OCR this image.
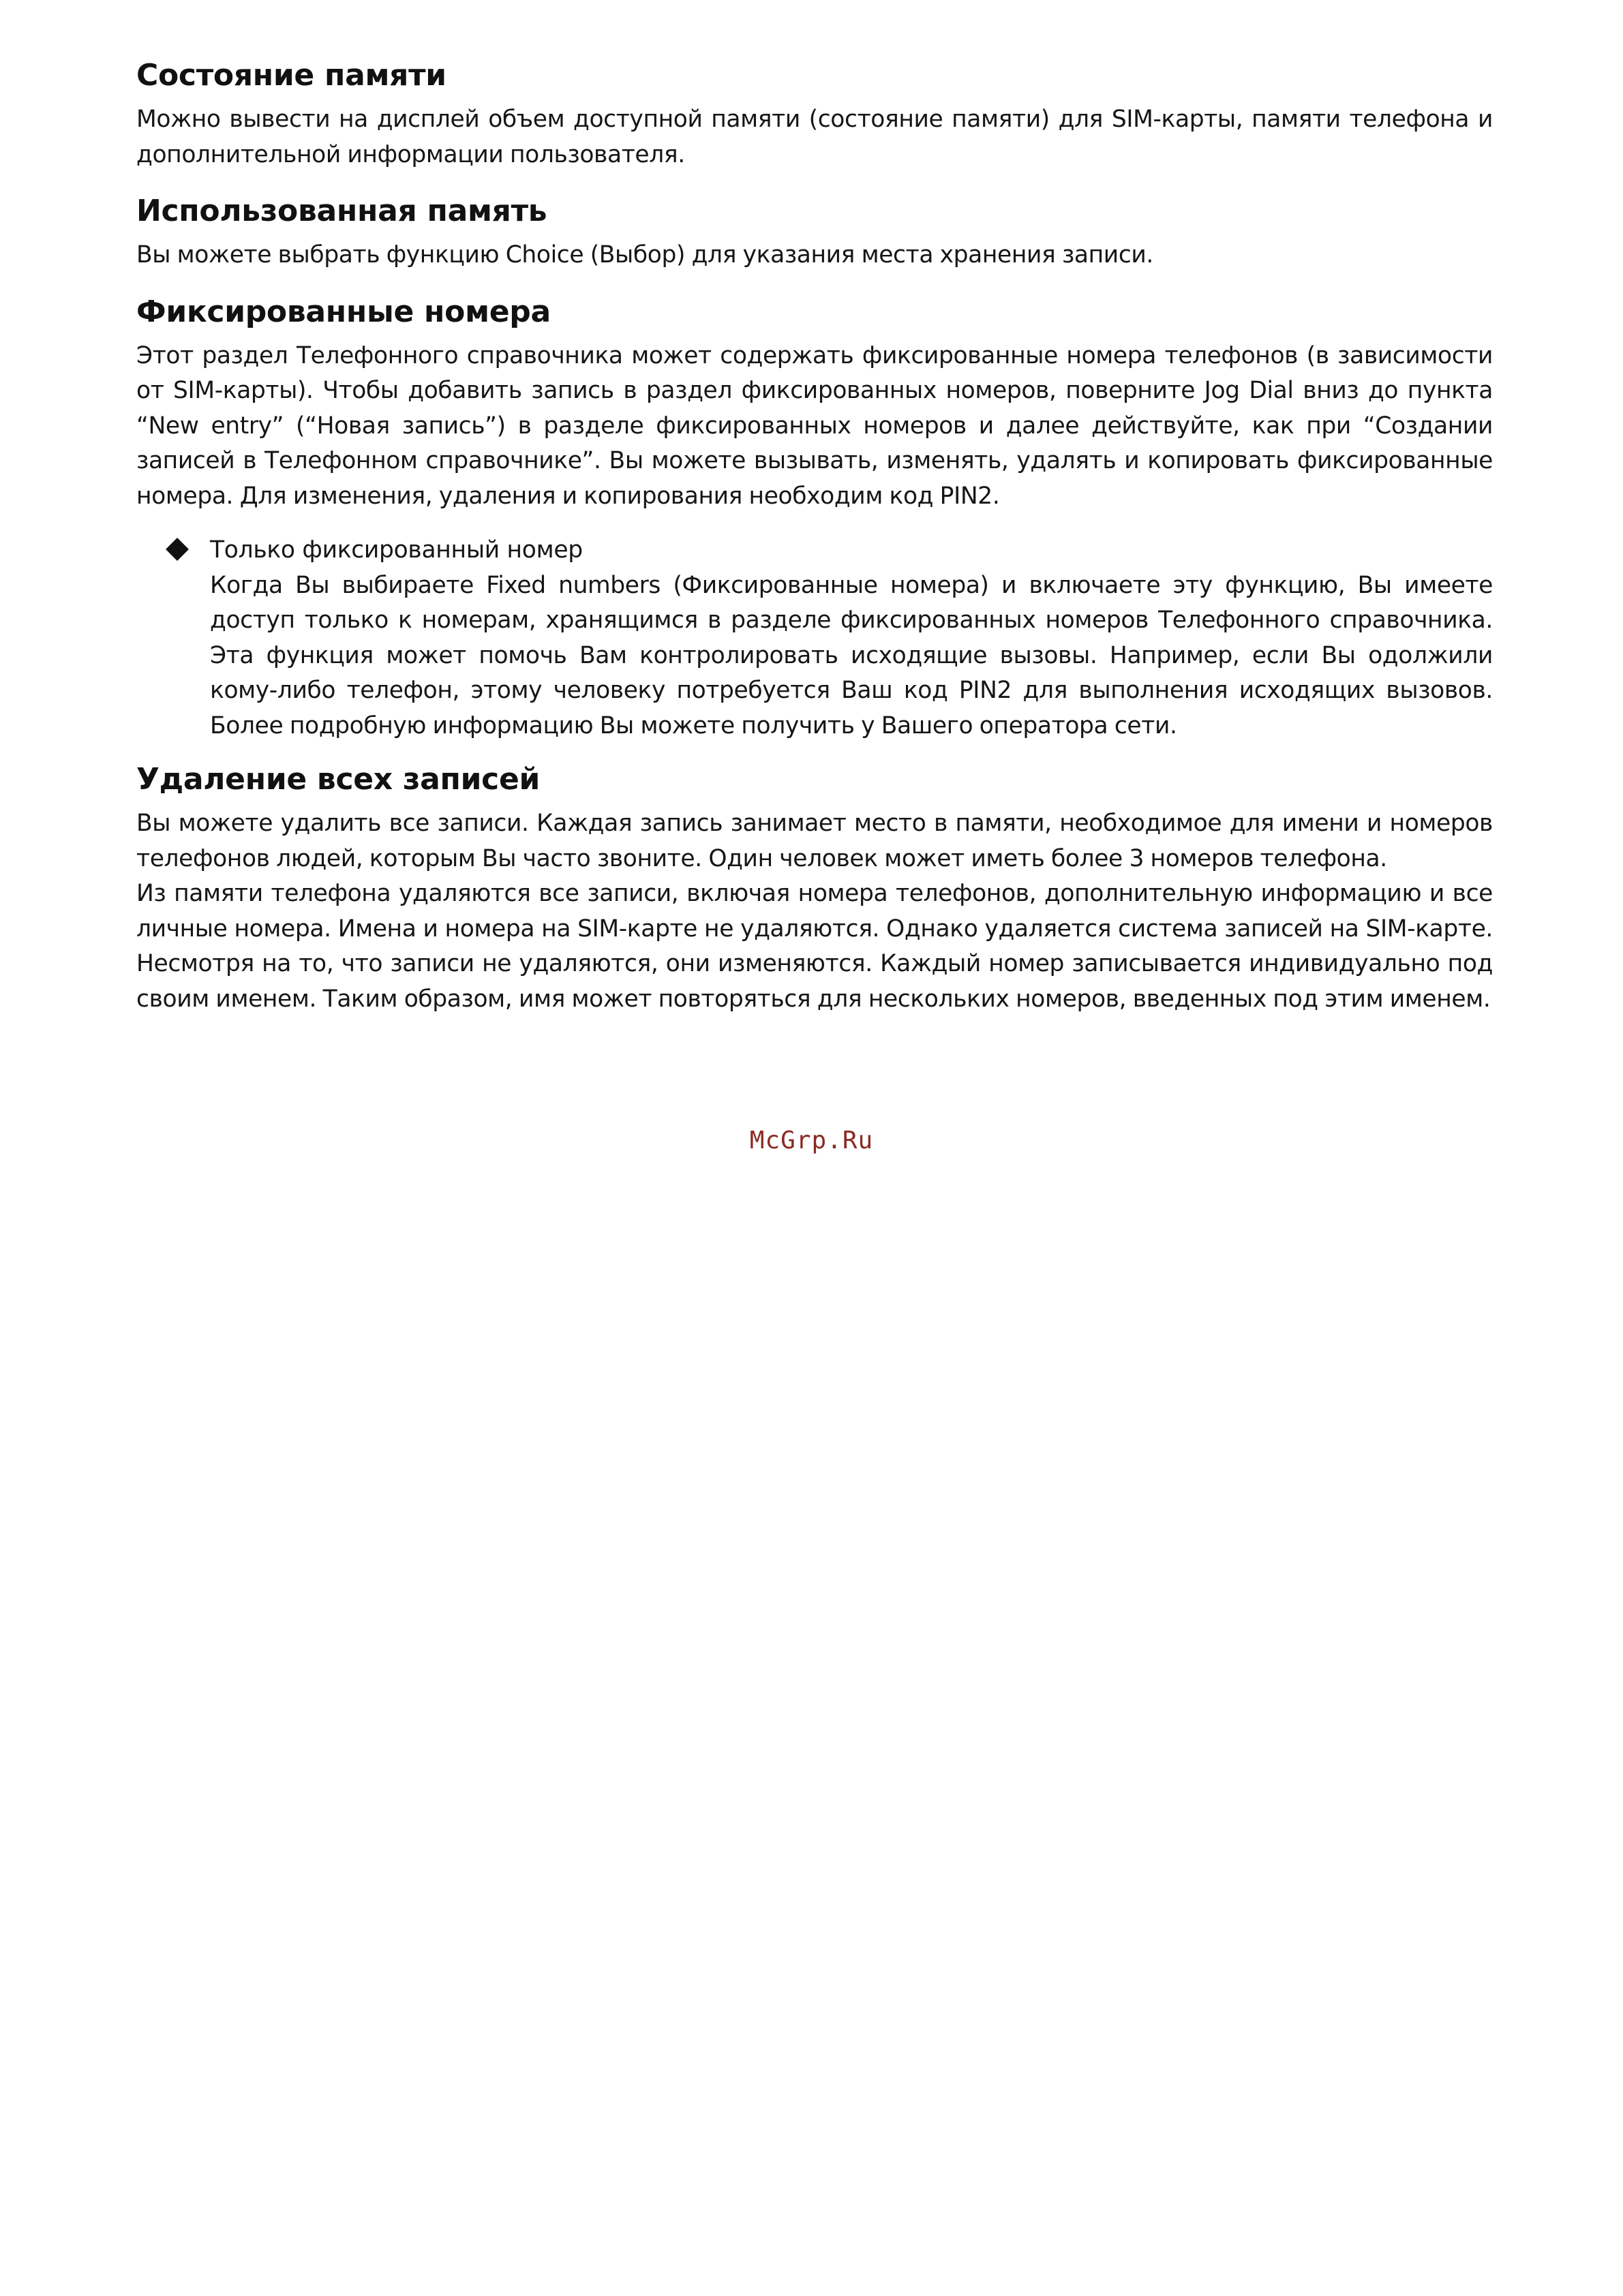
Состояние памяти

Можно вывести на дисплей объем доступной памяти (состояние памяти) для SIM-карты, памяти телефона и дополнительной информации пользователя.

Использованная память

Вы можете выбрать функцию Choice (Выбор) для указания места хранения записи.

Фиксированные номера

Этот раздел Телефонного справочника может содержать фиксированные номера телефонов (в зависимости от SIM-карты). Чтобы добавить запись в раздел фиксированных номеров, поверните Jog Dial вниз до пункта “New entry” (“Новая запись”) в разделе фиксированных номеров и далее действуйте, как при “Создании записей в Телефонном справочнике”. Вы можете вызывать, изменять, удалять и копировать фиксированные номера. Для изменения, удаления и копирования необходим код PIN2.

Только фиксированный номер

Когда Вы выбираете Fixed numbers (Фиксированные номера) и включаете эту функцию, Вы имеете доступ только к номерам, хранящимся в разделе фиксированных номеров Телефонного справочника. Эта функция может помочь Вам контролировать исходящие вызовы. Например, если Вы одолжили кому-либо телефон, этому человеку потребуется Ваш код PIN2 для выполнения исходящих вызовов. Более подробную информацию Вы можете получить у Вашего оператора сети.

Удаление всех записей

Вы можете удалить все записи. Каждая запись занимает место в памяти, необходимое для имени и номеров телефонов людей, которым Вы часто звоните. Один человек может иметь более 3 номеров телефона.

Из памяти телефона удаляются все записи, включая номера телефонов, дополнительную информацию и все личные номера. Имена и номера на SIM-карте не удаляются. Однако удаляется система записей на SIM-карте. Несмотря на то, что записи не удаляются, они изменяются. Каждый номер записывается индивидуально под своим именем. Таким образом, имя может повторяться для нескольких номеров, введенных под этим именем.

McGrp.Ru
